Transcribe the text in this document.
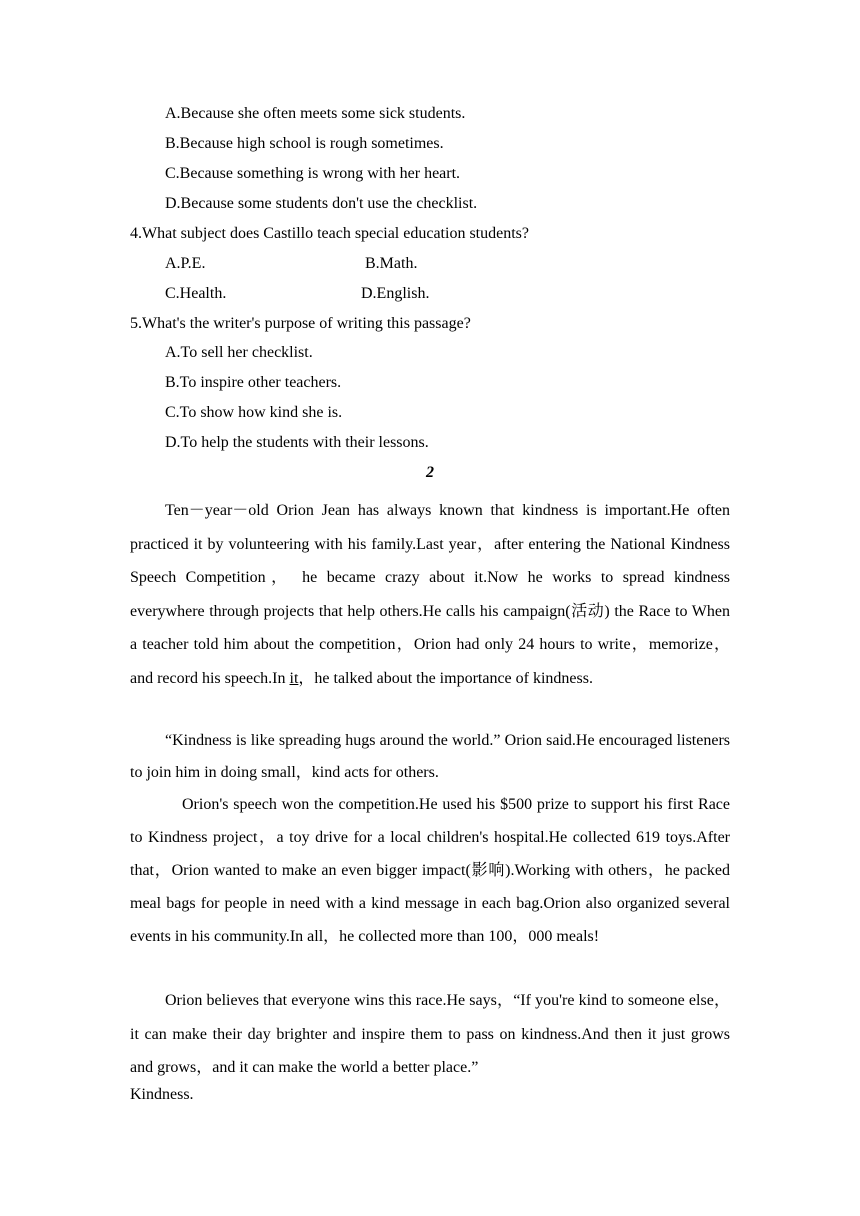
A.Because she often meets some sick students.
B.Because high school is rough sometimes.
C.Because something is wrong with her heart.
D.Because some students don't use the checklist.
4.What subject does Castillo teach special education students?
A.P.E.	B.Math.
C.Health.	D.English.
5.What's the writer's purpose of writing this passage?
A.To sell her checklist.
B.To inspire other teachers.
C.To show how kind she is.
D.To help the students with their lessons.
2
Ten－year－old Orion Jean has always known that kindness is important.He often practiced it by volunteering with his family.Last year，after entering the National Kindness Speech Competition， he became crazy about it.Now he works to spread kindness everywhere through projects that help others.He calls his campaign(活动) the Race to When a teacher told him about the competition，Orion had only 24 hours to write，memorize，and record his speech.In it，he talked about the importance of kindness.
“Kindness is like spreading hugs around the world.” Orion said.He encouraged listeners to join him in doing small，kind acts for others.
Orion's speech won the competition.He used his $500 prize to support his first Race to Kindness project，a toy drive for a local children's hospital.He collected 619 toys.After that，Orion wanted to make an even bigger impact(影响).Working with others，he packed meal bags for people in need with a kind message in each bag.Orion also organized several events in his community.In all，he collected more than 100，000 meals!
Orion believes that everyone wins this race.He says，“If you're kind to someone else，it can make their day brighter and inspire them to pass on kindness.And then it just grows and grows，and it can make the world a better place.”
Kindness.
